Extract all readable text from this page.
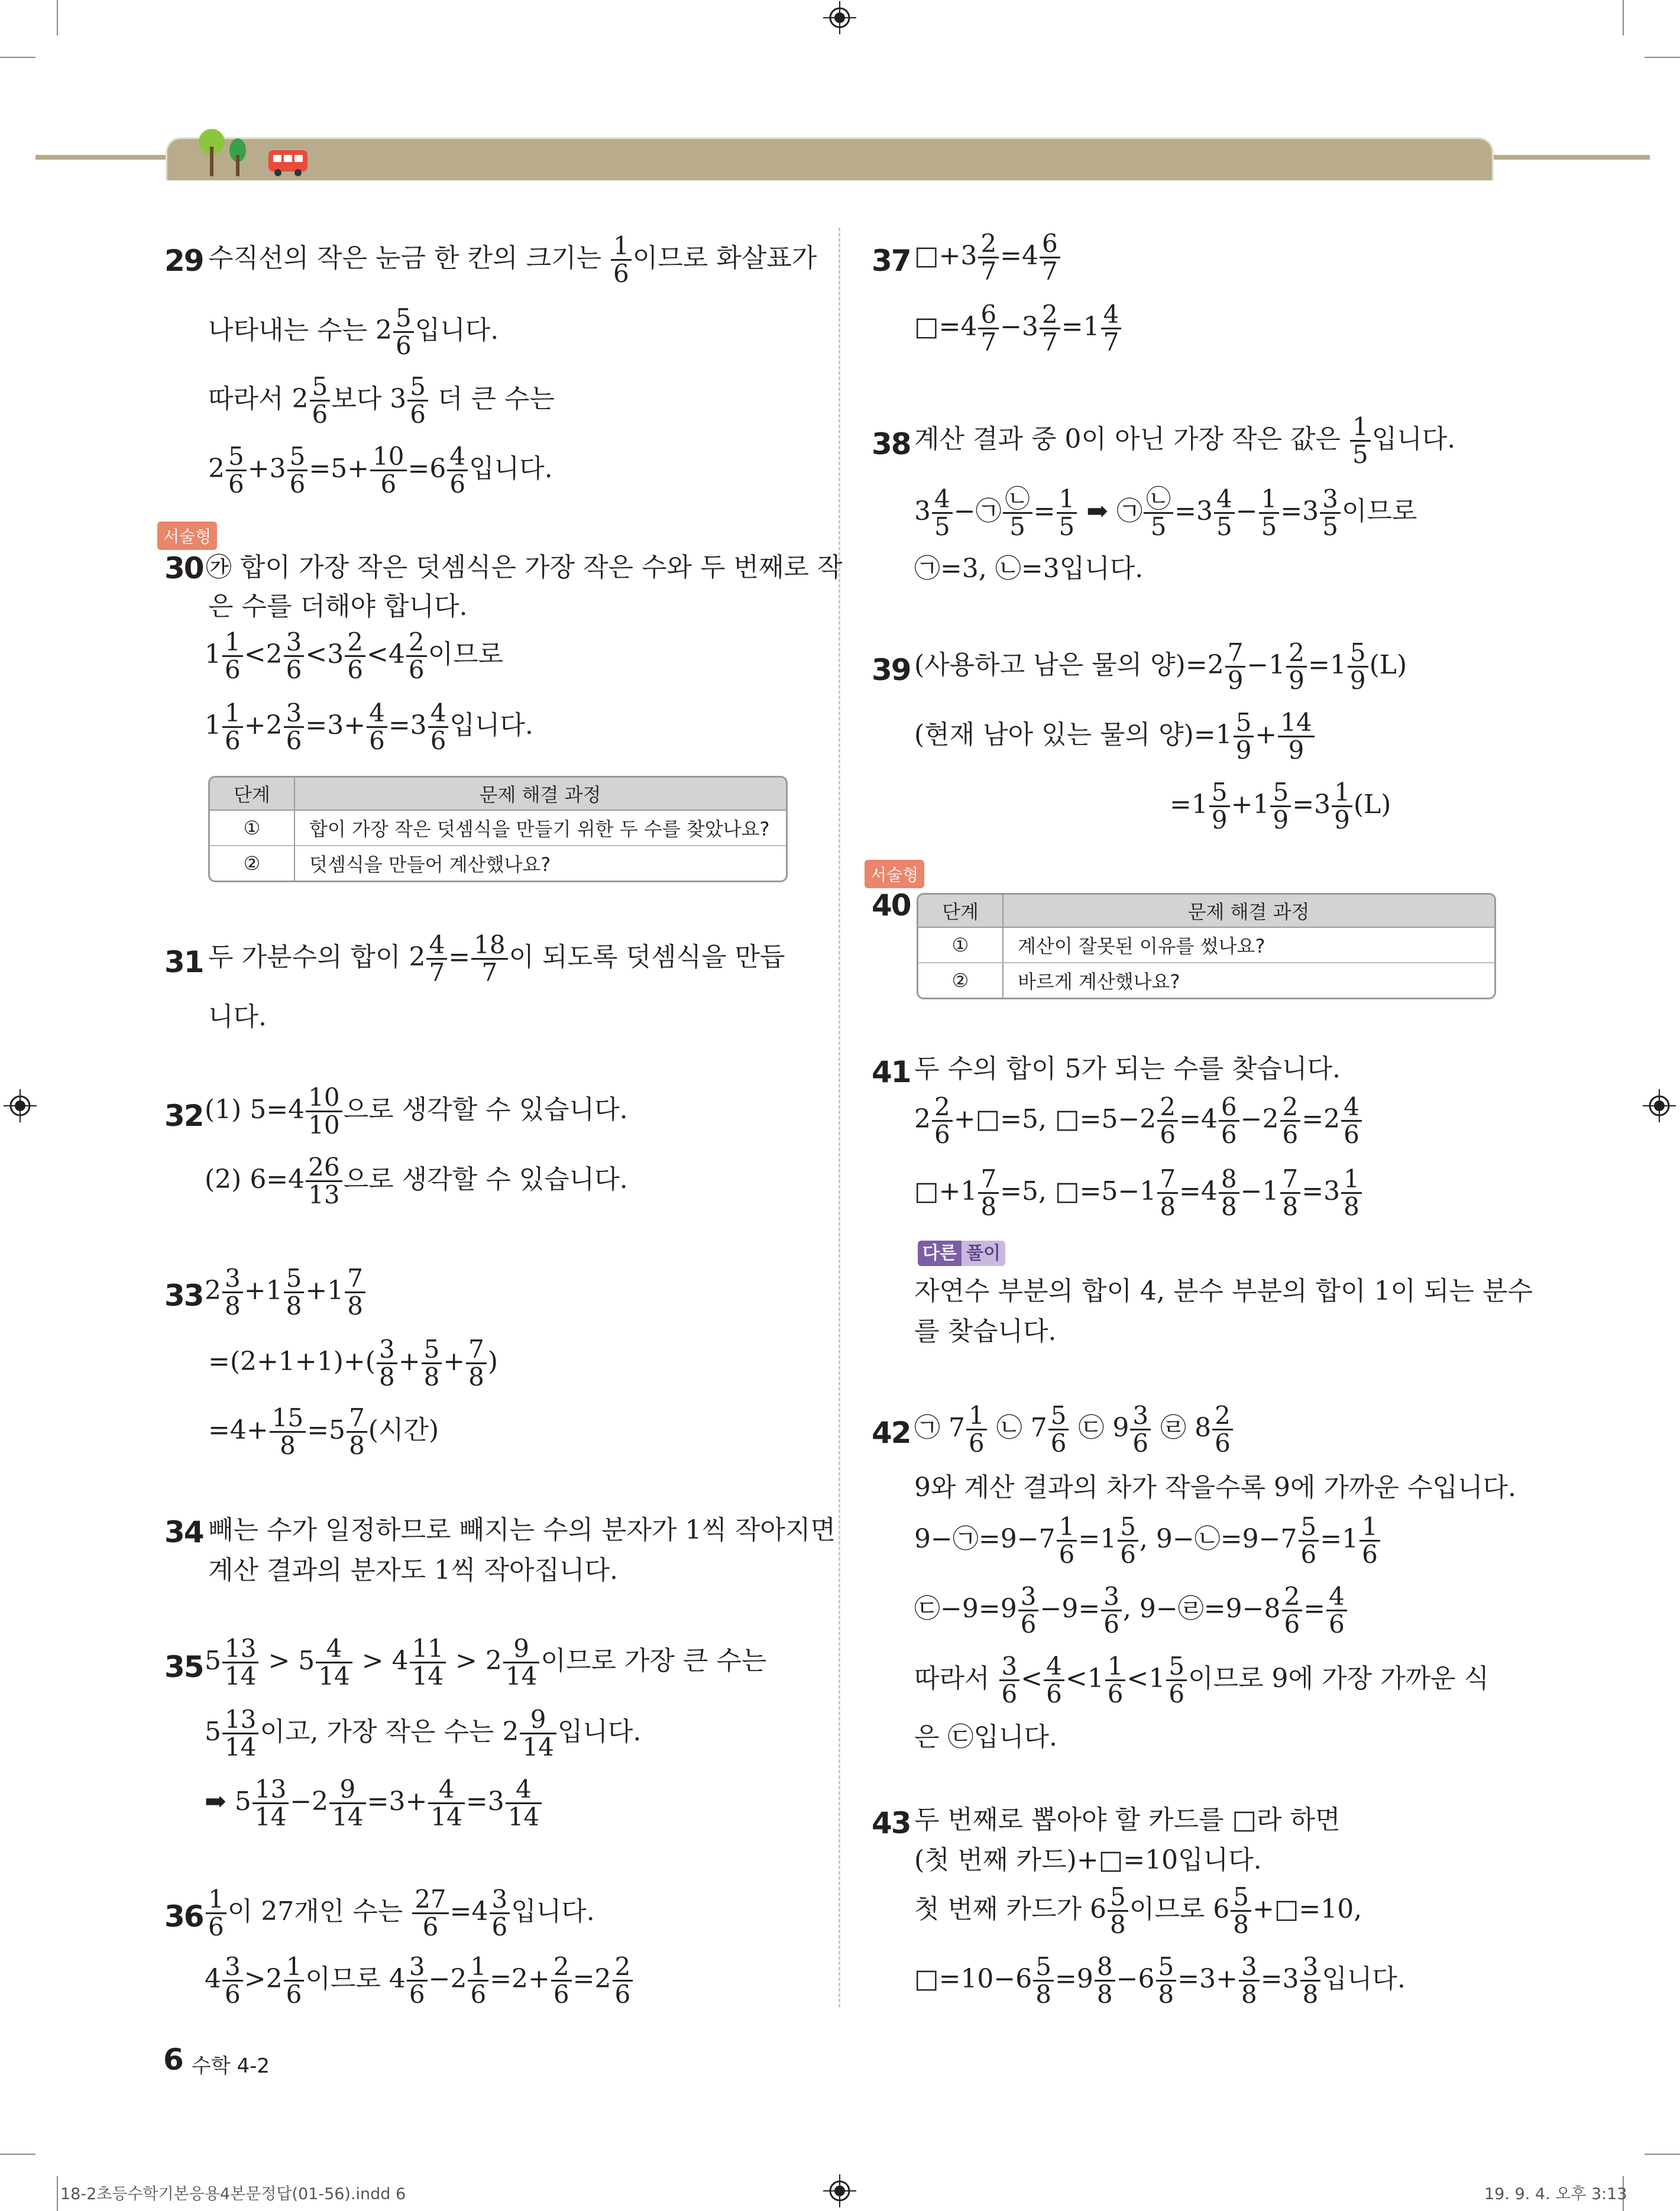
29 수직선의 작은 눈금 한 칸의 크기는 $\frac{1}{6}$ 이므로 화살표가
나타내는 수는 $2 \frac{5}{6}$ 입니다.
따라서 $2 \frac{5}{6}$ 보다 $3 \frac{5}{6}$ 더 큰 수는
$2 \frac{5}{6} +3 \frac{5}{6} =5+ \frac{10}{6} =6 \frac{4}{6}$ 입니다.
서술형
30 ㉮ 합이 가장 작은 덧셈식은 가장 작은 수와 두 번째로 작
은 수를 더해야 합니다.
$1 \frac{1}{6} <2 \frac{3}{6} <3 \frac{2}{6} <4 \frac{2}{6}$ 이므로
$1 \frac{1}{6} +2 \frac{3}{6} =3+ \frac{4}{6} =3 \frac{4}{6}$ 입니다.
단계	문제 해결 과정
①	합이 가장 작은 덧셈식을 만들기 위한 두 수를 찾았나요?
②	덧셈식을 만들어 계산했나요?
31 두 가분수의 합이 $2 \frac{4}{7} = \frac{18}{7}$ 이 되도록 덧셈식을 만듭
니다.
32 (1) $5=4 \frac{10}{10}$ 으로 생각할 수 있습니다.
(2) $6=4 \frac{26}{13}$ 으로 생각할 수 있습니다.
33 $2 \frac{3}{8} +1 \frac{5}{8} +1 \frac{7}{8}$
$=(2+1+1)+( \frac{3}{8} + \frac{5}{8} + \frac{7}{8}$ )
$=4+ \frac{15}{8} =5 \frac{7}{8}$ (시간)
34 빼는 수가 일정하므로 빼지는 수의 분자가 1씩 작아지면
계산 결과의 분자도 1씩 작아집니다.
35 $5 \frac{13}{14} > 5 \frac{4}{14} > 4 \frac{11}{14} > 2 \frac{9}{14}$ 이므로 가장 큰 수는
$5 \frac{13}{14}$ 이고, 가장 작은 수는 $2 \frac{9}{14}$ 입니다.
➡ $5 \frac{13}{14} -2 \frac{9}{14} =3+ \frac{4}{14} =3 \frac{4}{14}$
$36 \frac{1}{6}$ 이 27개인 수는 $\frac{27}{6} =4 \frac{3}{6}$ 입니다.
$4 \frac{3}{6} >2 \frac{1}{6}$ 이므로 $4 \frac{3}{6} -2 \frac{1}{6} =2+ \frac{2}{6} =2 \frac{2}{6}$
37 □+3 $\frac{2}{7} =4 \frac{6}{7}$
□=4 $\frac{6}{7} -3 \frac{2}{7} =1 \frac{4}{7}$
38 계산 결과 중 0이 아닌 가장 작은 값은 $\frac{1}{5}$ 입니다.
$3 \frac{4}{5}$ −㉠ $\frac{㉡}{5} = \frac{1}{5}$ ➡ ㉠ $\frac{㉡}{5} =3 \frac{4}{5} - \frac{1}{5} =3 \frac{3}{5}$ 이므로
㉠=3, ㉡=3입니다.
39 (사용하고 남은 물의 양)$=2 \frac{7}{9} -1 \frac{2}{9} =1 \frac{5}{9} (L)$
(현재 남아 있는 물의 양)$=1 \frac{5}{9} + \frac{14}{9}$
$=1 \frac{5}{9} +1 \frac{5}{9} =3 \frac{1}{9} (L)$
서술형
40 단계	문제 해결 과정
①	계산이 잘못된 이유를 썼나요?
②	바르게 계산했나요?
41 두 수의 합이 5가 되는 수를 찾습니다.
$2 \frac{2}{6}$ +□=5, □=5−2 $\frac{2}{6} =4 \frac{6}{6} -2 \frac{2}{6} =2 \frac{4}{6}$
□+1 $\frac{7}{8} =5$, □=5−1 $\frac{7}{8} =4 \frac{8}{8} -1 \frac{7}{8} =3 \frac{1}{8}$
다른 풀이
자연수 부분의 합이 4, 분수 부분의 합이 1이 되는 분수
를 찾습니다.
42 ㉠ $7 \frac{1}{6}$ ㉡ $7 \frac{5}{6}$ ㉢ $9 \frac{3}{6}$ ㉣ $8 \frac{2}{6}$
9와 계산 결과의 차가 작을수록 9에 가까운 수입니다.
9−㉠=9−7 $\frac{1}{6} =1 \frac{5}{6}$ , 9−㉡=9−7 $\frac{5}{6} =1 \frac{1}{6}$
㉢−9=9 $\frac{3}{6} -9= \frac{3}{6}$ , 9−㉣=9−8 $\frac{2}{6} = \frac{4}{6}$
따라서 $\frac{3}{6} < \frac{4}{6} <1 \frac{1}{6} <1 \frac{5}{6}$ 이므로 9에 가장 가까운 식
은 ㉢입니다.
43 두 번째로 뽑아야 할 카드를 □라 하면
(첫 번째 카드)+□=10입니다.
첫 번째 카드가 $6 \frac{5}{8}$ 이므로 $6 \frac{5}{8}$ +□=10,
□=10−6 $\frac{5}{8} =9 \frac{8}{8} -6 \frac{5}{8} =3+ \frac{3}{8} =3 \frac{3}{8}$ 입니다.
6 수학 4-2
18-2초등수학기본응용4본문정답(01-56).indd 6	19. 9. 4. 오후 3:13
